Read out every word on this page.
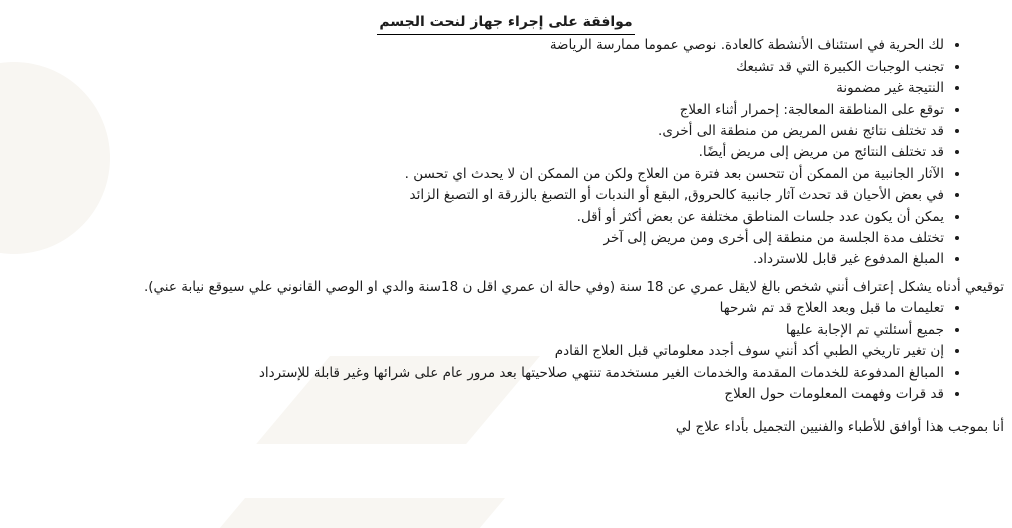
موافقة على إجراء جهاز لنحت الجسم
• لك الحرية في استئناف الأنشطة كالعادة. نوصي عموما ممارسة الرياضة
• تجنب الوجبات الكبيرة التي قد تشبعك
• النتيجة غير مضمونة
• توقع على المناطقة المعالجة: إحمرار أثناء العلاج
• قد تختلف نتائج نفس المريض من منطقة الى أخرى.
• قد تختلف النتائج من مريض إلى مريض أيضًا.
• الآثار الجانبية من الممكن أن تتحسن بعد فترة من العلاج ولكن من الممكن ان لا يحدث اي تحسن .
• في بعض الأحيان قد تحدث آثار جانبية كالحروق, البقع أو الندبات أو التصبغ بالزرقة او التصبغ الزائد
• يمكن أن يكون عدد جلسات المناطق مختلفة عن بعض أكثر أو أقل.
• تختلف مدة الجلسة من منطقة إلى أخرى ومن مريض إلى آخر
• المبلغ المدفوع غير قابل للاسترداد.

توقيعي أدناه يشكل إعتراف أنني شخص بالغ لايقل عمري عن 18 سنة (وفي حالة ان عمري اقل ن 18سنة والدي او الوصي القانوني علي سيوقع نيابة عني).

• تعليمات ما قبل وبعد العلاج قد تم شرحها
• جميع أسئلتي تم الإجابة عليها
• إن تغير تاريخي الطبي أكد أنني سوف أجدد معلوماتي قبل العلاج القادم
• المبالغ المدفوعة للخدمات المقدمة والخدمات الغير مستخدمة تنتهي صلاحيتها بعد مرور عام على شرائها وغير قابلة للإسترداد
• قد قرات وفهمت المعلومات حول العلاج

أنا بموجب هذا أوافق للأطباء والفنيين التجميل بأداء علاج لي
